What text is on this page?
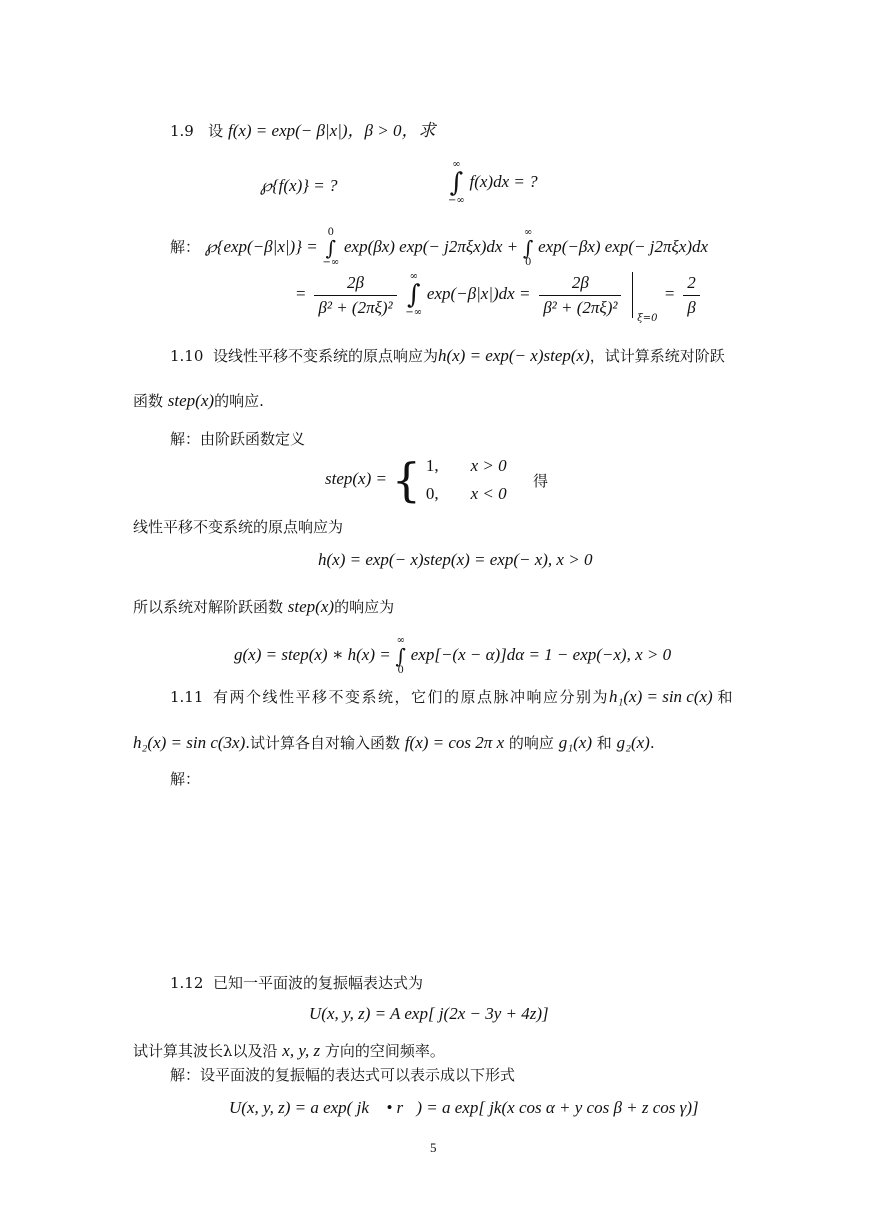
1.9 设 f(x) = exp(− β|x|)，β > 0，求
℘{f(x)} = ?
∞
∫
−∞
f(x)dx = ?
解： ℘{exp(−β|x|)} =
0
∫
−∞
exp(βx) exp(− j2πξx)dx +
∞
∫
0
exp(−βx) exp(− j2πξx)dx
= $\frac{2\beta}{\text{β² + (2πξ)²}}$
	∞
∫
−∞
$\exp(-\beta|x|)dx = \frac{2\beta}{\text{β² + (2πξ)²}}$

ξ=0
= $\frac{2}{\beta}$
1.10 设线性平移不变系统的原点响应为h(x) = exp(− x)step(x)，试计算系统对阶跃
函数 step(x)的响应.
解：由阶跃函数定义
step(x) = { 1,	x > 0
0,	x < 0
得
线性平移不变系统的原点响应为
h(x) = exp(− x)step(x) = exp(− x), x > 0
所以系统对解阶跃函数 step(x)的响应为
g(x) = step(x) ∗ h(x) =
∞
∫
0
exp[−(x − α)]dα = 1 − exp(−x), x > 0
1.11 有两个线性平移不变系统，它们的原点脉冲响应分别为h₁(x) = sin c(x) 和
h₂(x) = sin c(3x).试计算各自对输入函数 f(x) = cos 2π x 的响应 g₁(x) 和 g₂(x).
解：
1.12 已知一平面波的复振幅表达式为
U(x, y, z) = A exp[ j(2x − 3y + 4z)]
试计算其波长λ以及沿 x, y, z 方向的空间频率。
解：设平面波的复振幅的表达式可以表示成以下形式
U(x, y, z) = a exp( jk⃗ • r⃗) = a exp[ jk(x cos α + y cos β + z cos γ)]
5
